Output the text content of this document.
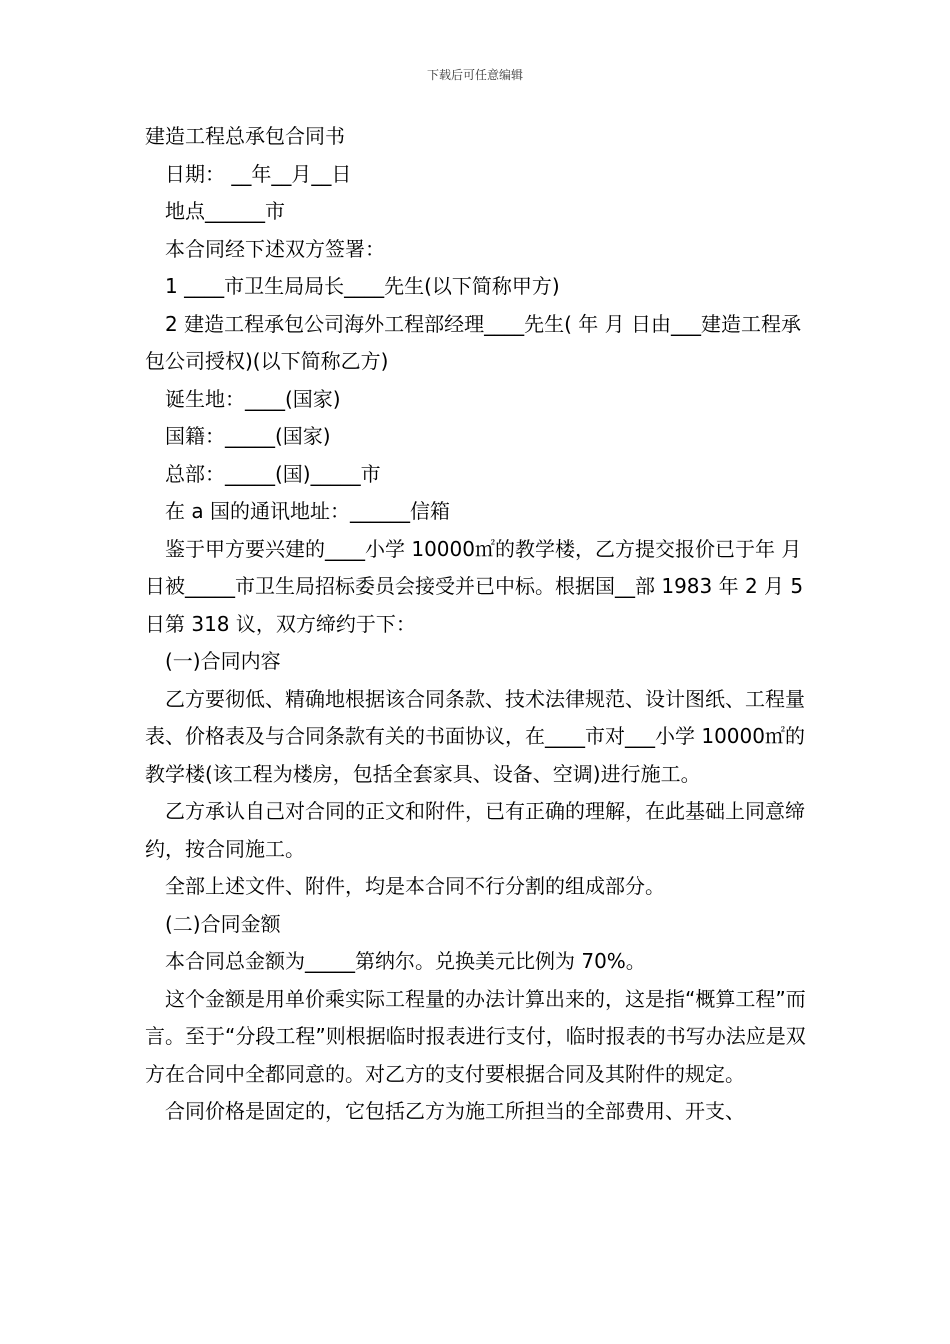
下载后可任意编辑

建造工程总承包合同书

日期： __年__月__日

地点______市

本合同经下述双方签署：

1 ____市卫生局局长____先生(以下简称甲方)

2 建造工程承包公司海外工程部经理____先生( 年 月 日由___建造工程承包公司授权)(以下简称乙方)

诞生地：____(国家)

国籍：_____(国家)

总部：_____(国)_____市

在 a 国的通讯地址：______信箱

鉴于甲方要兴建的____小学 10000㎡的教学楼，乙方提交报价已于年 月 日被_____市卫生局招标委员会接受并已中标。根据国__部 1983 年 2 月 5 日第 318 议，双方缔约于下：

(一)合同内容

乙方要彻低、精确地根据该合同条款、技术法律规范、设计图纸、工程量表、价格表及与合同条款有关的书面协议，在____市对___小学 10000㎡的教学楼(该工程为楼房，包括全套家具、设备、空调)进行施工。

乙方承认自己对合同的正文和附件，已有正确的理解，在此基础上同意缔约，按合同施工。

全部上述文件、附件，均是本合同不行分割的组成部分。

(二)合同金额

本合同总金额为_____第纳尔。兑换美元比例为 70%。

这个金额是用单价乘实际工程量的办法计算出来的，这是指“概算工程”而言。至于“分段工程”则根据临时报表进行支付，临时报表的书写办法应是双方在合同中全都同意的。对乙方的支付要根据合同及其附件的规定。

合同价格是固定的，它包括乙方为施工所担当的全部费用、开支、
